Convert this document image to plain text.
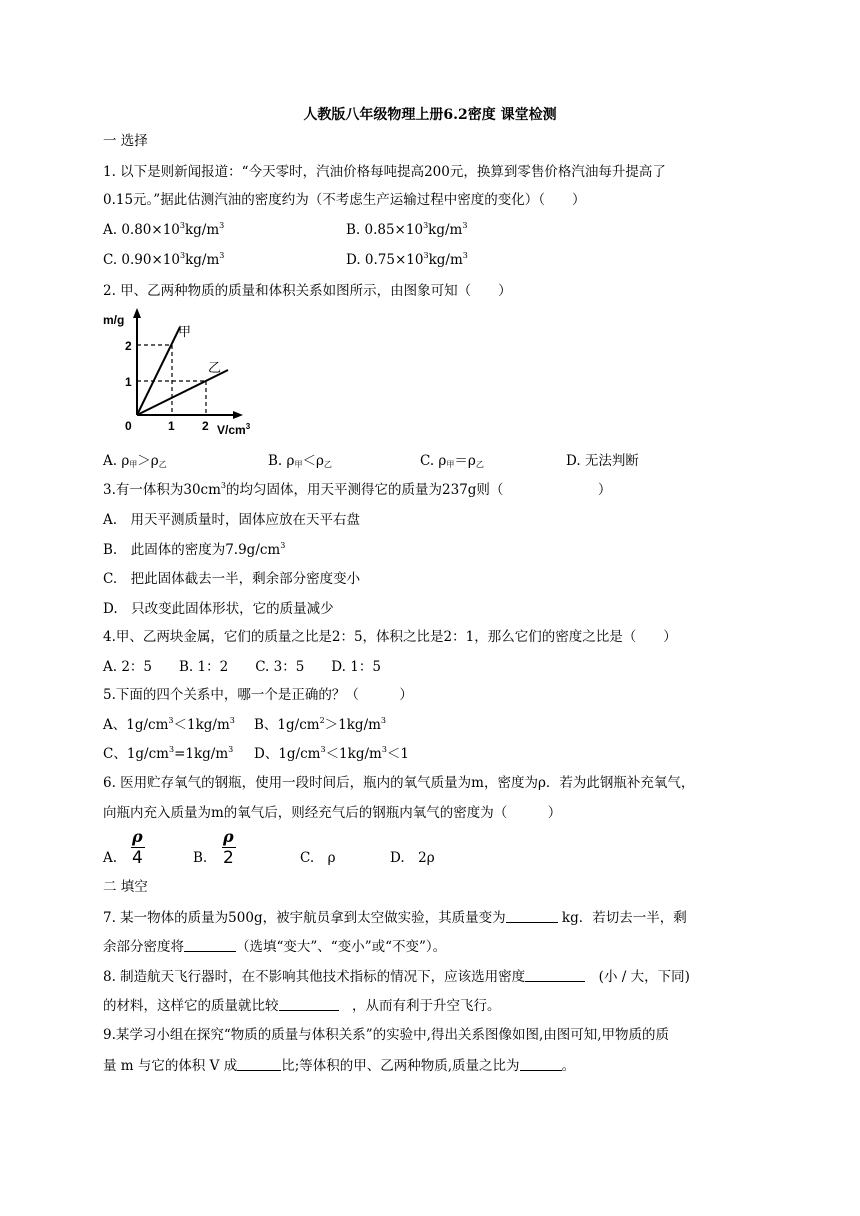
人教版八年级物理上册6.2密度 课堂检测
一 选择
1. 以下是则新闻报道：“今天零时，汽油价格每吨提高200元，换算到零售价格汽油每升提高了
0.15元。”据此估测汽油的密度约为（不考虑生产运输过程中密度的变化）（　　）
A. $0.80\times 10^3kg/m^3$	B. $0.85\times 10^3kg/m^3$
C. $0.90\times 10^3kg/m^3$	D. $0.75\times 10^3kg/m^3$
2. 甲、乙两种物质的质量和体积关系如图所示，由图象可知（　　）
m/g
$V/cm^3$
0	1 2
1
2
甲
乙
A. $\rho_甲>\rho_乙$	B. $\rho_甲<\rho_乙$	C. $\rho_甲=\rho_乙$	D. 无法判断
3.有一体积为$30cm^3$的均匀固体，用天平测得它的质量为237g则（　　　　　　　）
A.　用天平测质量时，固体应放在天平右盘
B.　此固体的密度为$7.9g/cm^3$
C.　把此固体截去一半，剩余部分密度变小
D.　只改变此固体形状，它的质量减少
4.甲、乙两块金属，它们的质量之比是2：5，体积之比是2：1，那么它们的密度之比是（　　）
A. 2：5　　B. 1：2　　C. 3：5　　D. 1：5
5.下面的四个关系中，哪一个是正确的？（　　　）
A、$1g/cm^3<1kg/m^3$ B、$1g/cm^2>1kg/m^3$
C、$1g/cm^3=1kg/m^3$ D、$1g/cm^3<1kg/m^3<1$
6. 医用贮存氧气的钢瓶，使用一段时间后，瓶内的氧气质量为m，密度为ρ．若为此钢瓶补充氧气，
向瓶内充入质量为m的氧气后，则经充气后的钢瓶内氧气的密度为（　　　）
A.
ρ
4	B.
ρ
2	C.　ρ	D.　2ρ
二 填空
7. 某一物体的质量为500g，被宇航员拿到太空做实验，其质量变为	kg．若切去一半，剩
余部分密度将	（选填“变大”、“变小”或“不变”）。
8. 制造航天飞行器时，在不影响其他技术指标的情况下，应该选用密度	　(小 / 大，下同)
的材料，这样它的质量就比较	　，从而有利于升空飞行。
9.某学习小组在探究“物质的质量与体积关系”的实验中,得出关系图像如图,由图可知,甲物质的质
量 m 与它的体积 V 成	比;等体积的甲、乙两种物质,质量之比为	。
